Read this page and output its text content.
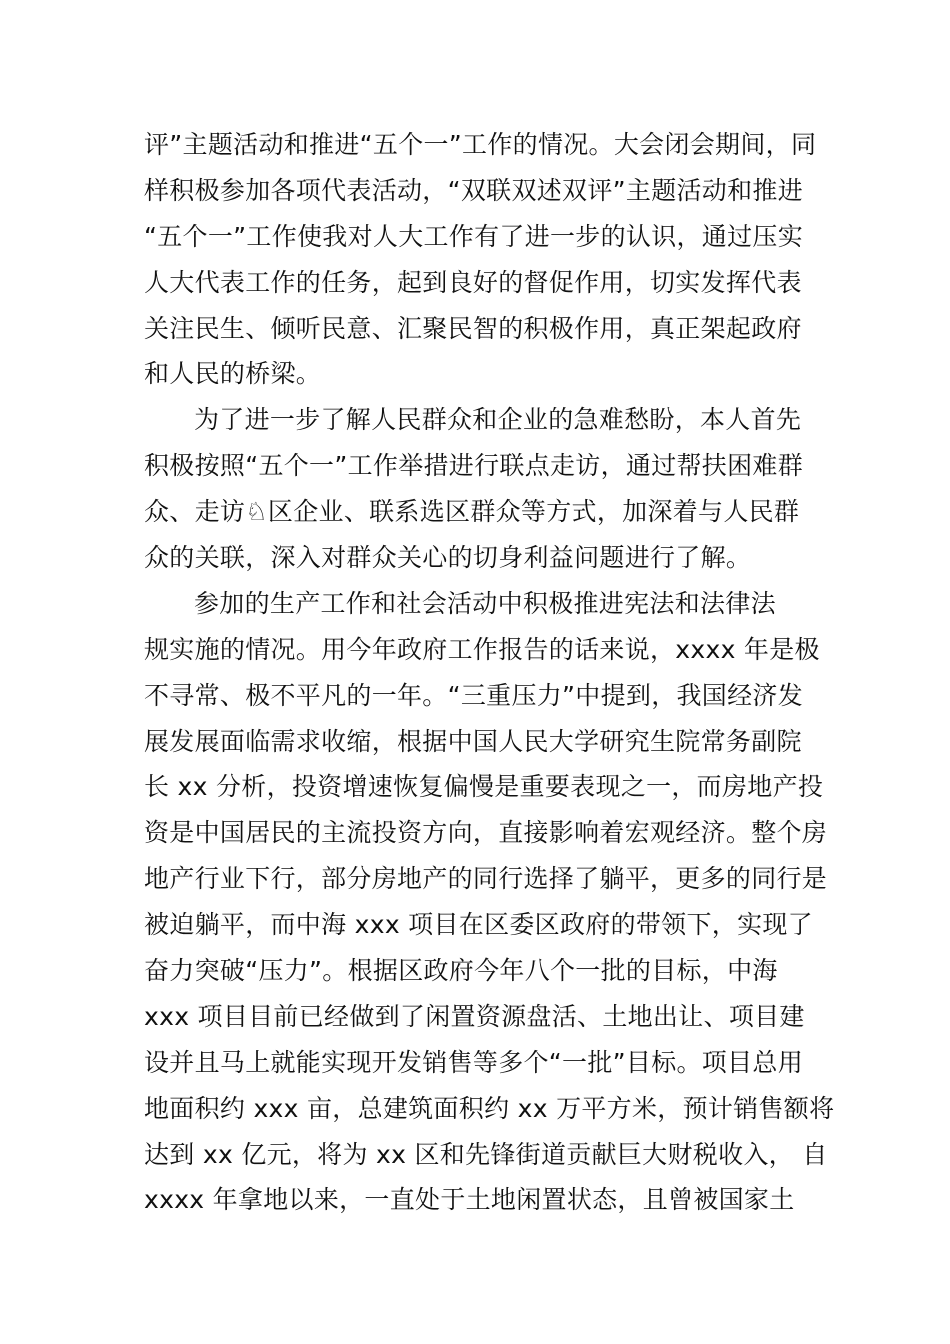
评”主题活动和推进“五个一”工作的情况。大会闭会期间，同
样积极参加各项代表活动，“双联双述双评”主题活动和推进
“五个一”工作使我对人大工作有了进一步的认识，通过压实
人大代表工作的任务，起到良好的督促作用，切实发挥代表
关注民生、倾听民意、汇聚民智的积极作用，真正架起政府
和人民的桥梁。
为了进一步了解人民群众和企业的急难愁盼，本人首先
积极按照“五个一”工作举措进行联点走访，通过帮扶困难群
众、走访♘区企业、联系选区群众等方式，加深着与人民群
众的关联，深入对群众关心的切身利益问题进行了解。
参加的生产工作和社会活动中积极推进宪法和法律法
规实施的情况。用今年政府工作报告的话来说，xxxx 年是极
不寻常、极不平凡的一年。“三重压力”中提到，我国经济发
展发展面临需求收缩，根据中国人民大学研究生院常务副院
长 xx 分析，投资增速恢复偏慢是重要表现之一，而房地产投
资是中国居民的主流投资方向，直接影响着宏观经济。整个房
地产行业下行，部分房地产的同行选择了躺平，更多的同行是
被迫躺平，而中海 xxx 项目在区委区政府的带领下，实现了
奋力突破“压力”。根据区政府今年八个一批的目标，中海
xxx 项目目前已经做到了闲置资源盘活、土地出让、项目建
设并且马上就能实现开发销售等多个“一批”目标。项目总用
地面积约 xxx 亩，总建筑面积约 xx 万平方米，预计销售额将
达到 xx 亿元，将为 xx 区和先锋街道贡献巨大财税收入， 自
xxxx 年拿地以来，一直处于土地闲置状态，且曾被国家土
